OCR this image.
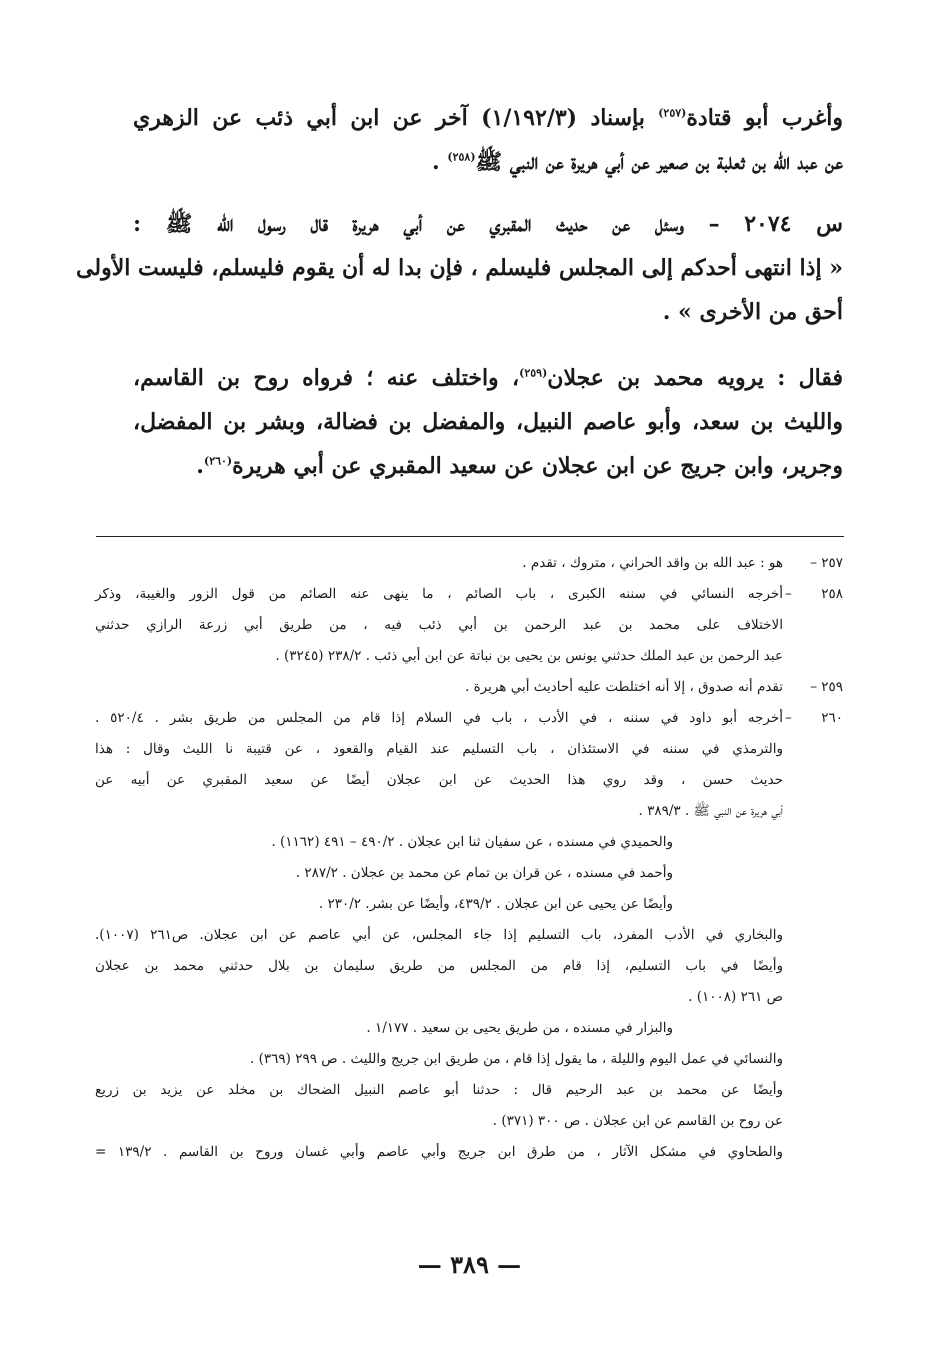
وأغرب أبو قتادة$^{(٢٥٧)}$ بإسناد (١/١٩٢/٣) آخر عن ابن أبي ذئب عن الزهري
عن عبد الله بن ثعلبة بن صعير عن أبي هريرة عن النبي ﷺ$^{(٢٥٨)}$ .
س ٢٠٧٤ – وسئل عن حديث المقبري عن أبي هريرة قال رسول الله ﷺ :
« إذا انتهى أحدكم إلى المجلس فليسلم ، فإن بدا له أن يقوم فليسلم، فليست الأولى
أحق من الأخرى » .
فقال : يرويه محمد بن عجلان$^{(٢٥٩)}$، واختلف عنه ؛ فرواه روح بن القاسم،
والليث بن سعد، وأبو عاصم النبيل، والمفضل بن فضالة، وبشر بن المفضل،
وجرير، وابن جريج عن ابن عجلان عن سعيد المقبري عن أبي هريرة$^{(٢٦٠)}$.
٢٥٧ –
هو : عبد الله بن واقد الحراني ، متروك ، تقدم .
٢٥٨ –
أخرجه النسائي في سننه الكبرى ، باب الصائم ، ما ينهى عنه الصائم من قول الزور والغيبة، وذكر
الاختلاف على محمد بن عبد الرحمن بن أبي ذئب فيه ، من طريق أبي زرعة الرازي حدثني
عبد الرحمن بن عبد الملك حدثني يونس بن يحيى بن نباتة عن ابن أبي ذئب . ٢٣٨/٢ (٣٢٤٥) .
٢٥٩ –
تقدم أنه صدوق ، إلا أنه اختلطت عليه أحاديث أبي هريرة .
٢٦٠ –
أخرجه أبو داود في سننه ، في الأدب ، باب في السلام إذا قام من المجلس من طريق بشر . ٥٢٠/٤ .
والترمذي في سننه في الاستئذان ، باب التسليم عند القيام والقعود ، عن قتيبة نا الليث وقال : هذا
حديث حسن ، وقد روي هذا الحديث عن ابن عجلان أيضًا عن سعيد المقبري عن أبيه عن
أبي هريرة عن النبي ﷺ . ٣٨٩/٣ .
والحميدي في مسنده ، عن سفيان ثنا ابن عجلان . ٤٩٠/٢ – ٤٩١ (١١٦٢) .
وأحمد في مسنده ، عن قران بن تمام عن محمد بن عجلان . ٢٨٧/٢ .
وأيضًا عن يحيى عن ابن عجلان . ٤٣٩/٢، وأيضًا عن بشر. ٢٣٠/٢ .
والبخاري في الأدب المفرد، باب التسليم إذا جاء المجلس، عن أبي عاصم عن ابن عجلان. ص٢٦١ (١٠٠٧).
وأيضًا في باب التسليم، إذا قام من المجلس من طريق سليمان بن بلال حدثني محمد بن عجلان
ص ٢٦١ (١٠٠٨) .
والبزار في مسنده ، من طريق يحيى بن سعيد . ١/١٧٧ .
والنسائي في عمل اليوم والليلة ، ما يقول إذا قام ، من طريق ابن جريج والليث . ص ٢٩٩ (٣٦٩) .
وأيضًا عن محمد بن عبد الرحيم قال : حدثنا أبو عاصم النبيل الضحاك بن مخلد عن يزيد بن زريع
عن روح بن القاسم عن ابن عجلان . ص ٣٠٠ (٣٧١) .
والطحاوي في مشكل الآثار ، من طرق ابن جريج وأبي عاصم وأبي غسان وروح بن القاسم . ١٣٩/٢ =
— ٣٨٩ —
